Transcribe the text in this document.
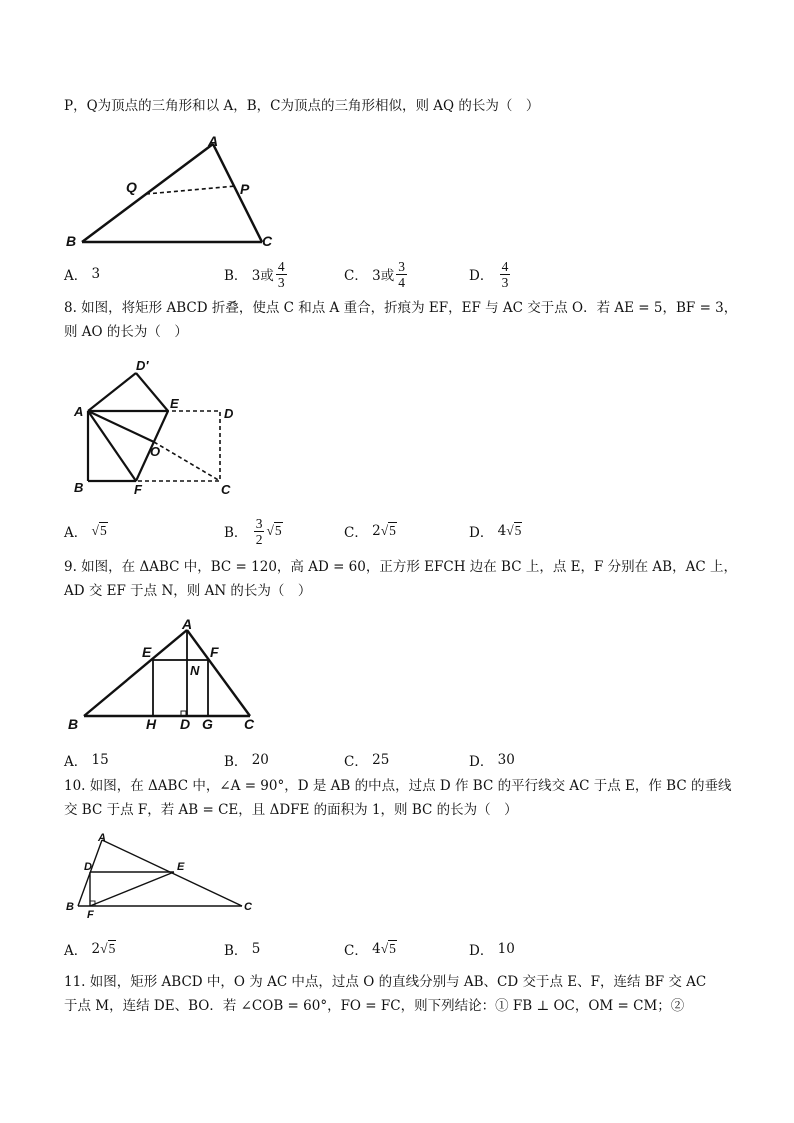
P，Q为顶点的三角形和以 A，B，C为顶点的三角形相似，则 AQ 的长为（　）
A
Q	P
B	C
A．
3	B．
3或 $\frac{4}{3}$	C．
3或 $\frac{3}{4}$	D．
$\frac{4}{3}$
8. 如图，将矩形 ABCD 折叠，使点 C 和点 A 重合，折痕为 EF，EF 与 AC 交于点 O．若 AE = 5，BF = 3，
则 AO 的长为（　）
A
D′
E
D
O
B	F	C
A．
√5	B．
$\frac{3}{2} √5$	C．
2 √5	D．
4 √5
9. 如图，在 ΔABC 中，BC = 120，高 AD = 60，正方形 EFCH 边在 BC 上，点 E，F 分别在 AB，AC 上，
AD 交 EF 于点 N，则 AN 的长为（　）
A
E	F
N
B	H D G C
A．
15	B．
20	C．
25	D．
30
10. 如图，在 ΔABC 中，∠A = 90°，D 是 AB 的中点，过点 D 作 BC 的平行线交 AC 于点 E，作 BC 的垂线
交 BC 于点 F，若 AB = CE，且 ΔDFE 的面积为 1，则 BC 的长为（　）
A
D	E
B
F
C
A．
2 √5	B．
5	C．
4 √5	D．
10
11. 如图，矩形 ABCD 中，O 为 AC 中点，过点 O 的直线分别与 AB、CD 交于点 E、F，连结 BF 交 AC
于点 M，连结 DE、BO．若 ∠COB = 60°，FO = FC，则下列结论：① FB ⊥ OC，OM = CM；②
